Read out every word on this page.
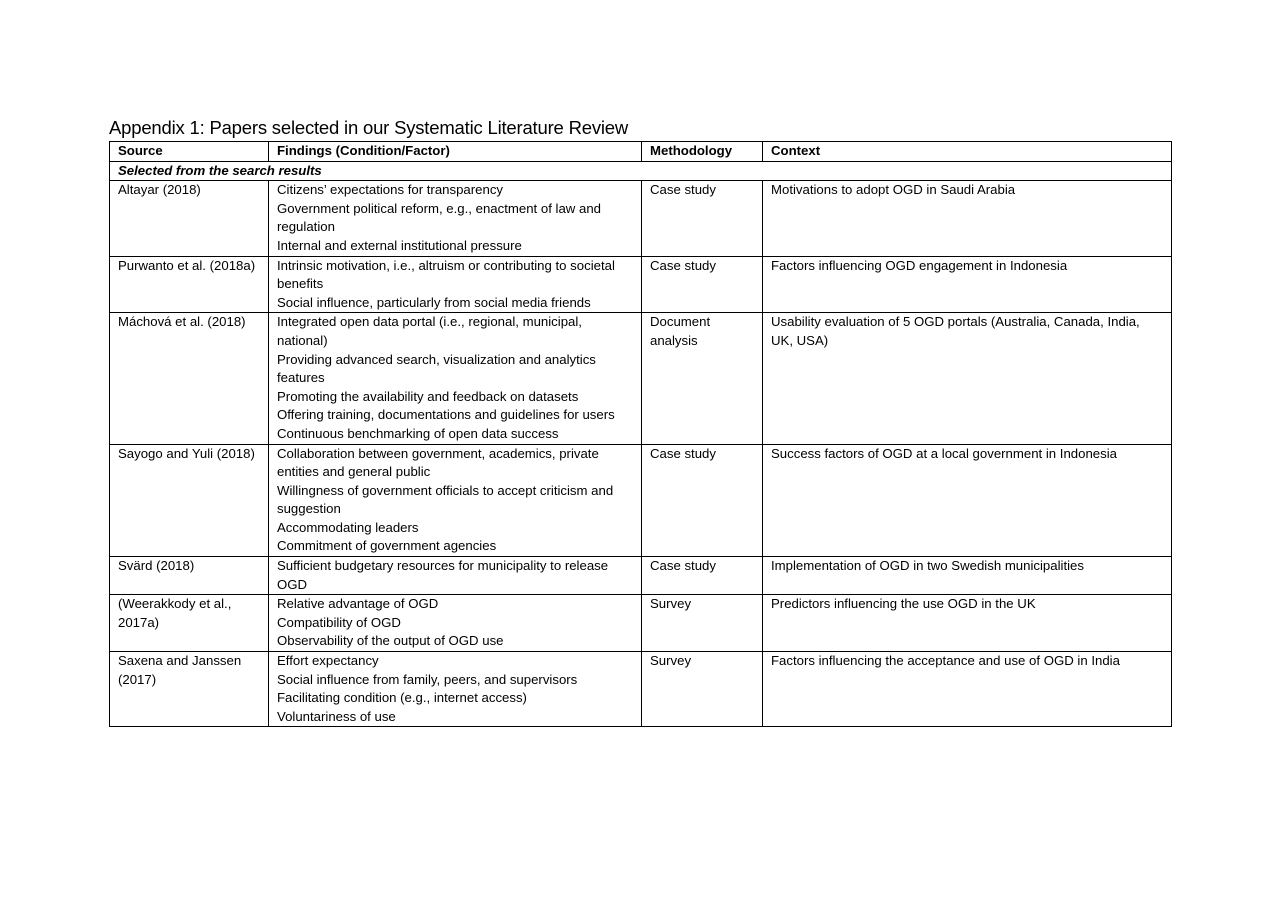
Appendix 1: Papers selected in our Systematic Literature Review
Source	Findings (Condition/Factor)	Methodology	Context
Selected from the search results			
Altayar (2018)	Citizens’ expectations for transparency
Government political reform, e.g., enactment of law and regulation
Internal and external institutional pressure	Case study	Motivations to adopt OGD in Saudi Arabia
Purwanto et al. (2018a)	Intrinsic motivation, i.e., altruism or contributing to societal benefits
Social influence, particularly from social media friends	Case study	Factors influencing OGD engagement in Indonesia
Máchová et al. (2018)	Integrated open data portal (i.e., regional, municipal, national)
Providing advanced search, visualization and analytics features
Promoting the availability and feedback on datasets
Offering training, documentations and guidelines for users
Continuous benchmarking of open data success	Document analysis	Usability evaluation of 5 OGD portals (Australia, Canada, India, UK, USA)
Sayogo and Yuli (2018)	Collaboration between government, academics, private entities and general public
Willingness of government officials to accept criticism and suggestion
Accommodating leaders
Commitment of government agencies	Case study	Success factors of OGD at a local government in Indonesia
Svärd (2018)	Sufficient budgetary resources for municipality to release OGD	Case study	Implementation of OGD in two Swedish municipalities
(Weerakkody et al., 2017a)	Relative advantage of OGD
Compatibility of OGD
Observability of the output of OGD use	Survey	Predictors influencing the use OGD in the UK
Saxena and Janssen (2017)	Effort expectancy
Social influence from family, peers, and supervisors
Facilitating condition (e.g., internet access)
Voluntariness of use	Survey	Factors influencing the acceptance and use of OGD in India
